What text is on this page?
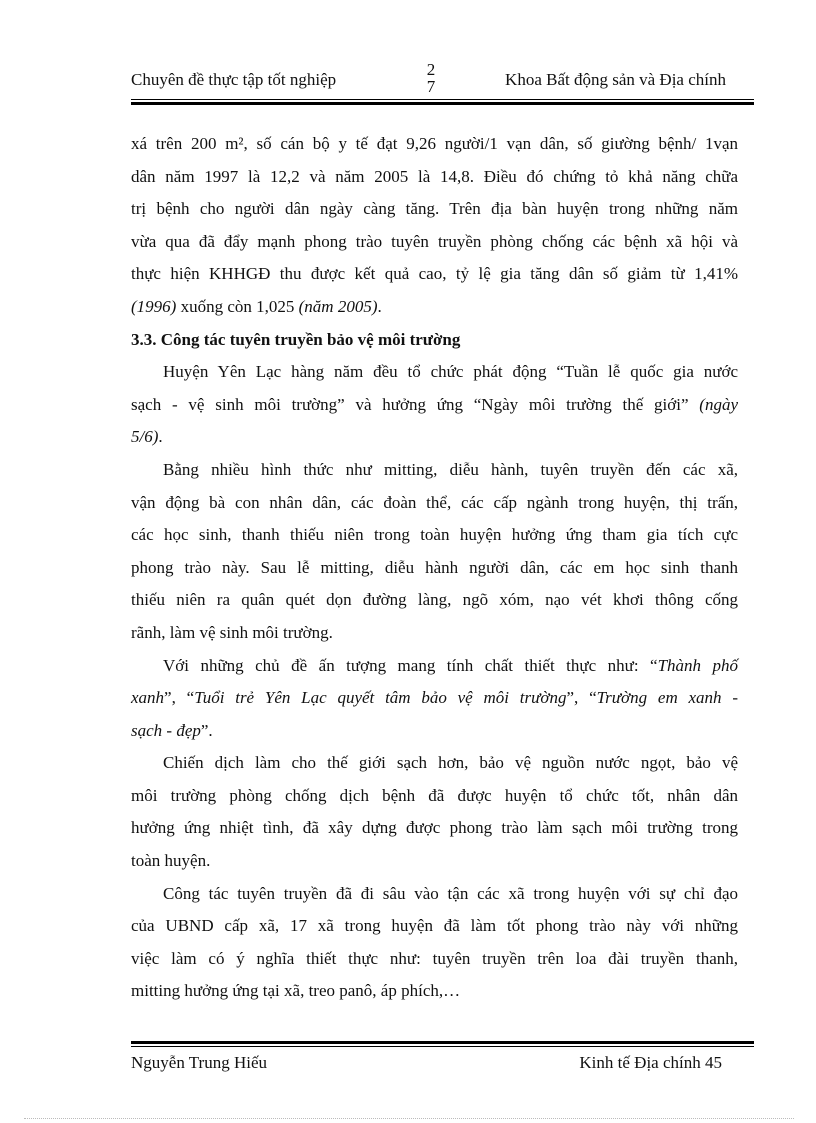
Chuyên đề thực tập tốt nghiệp
2
7	Khoa Bất động sản và Địa chính
xá trên 200 m², số cán bộ y tế đạt 9,26 người/1 vạn dân, số giường bệnh/ 1vạn
dân năm 1997 là 12,2 và năm 2005 là 14,8. Điều đó chứng tỏ khả năng chữa
trị bệnh cho người dân ngày càng tăng. Trên địa bàn huyện trong những năm
vừa qua đã đẩy mạnh phong trào tuyên truyền phòng chống các bệnh xã hội và
thực hiện KHHGĐ thu được kết quả cao, tỷ lệ gia tăng dân số giảm từ 1,41%
(1996) xuống còn 1,025 (năm 2005).
3.3. Công tác tuyên truyền bảo vệ môi trường
Huyện Yên Lạc hàng năm đều tổ chức phát động “Tuần lễ quốc gia nước
sạch - vệ sinh môi trường” và hưởng ứng “Ngày môi trường thế giới” (ngày
5/6).
Bằng nhiều hình thức như mitting, diễu hành, tuyên truyền đến các xã,
vận động bà con nhân dân, các đoàn thể, các cấp ngành trong huyện, thị trấn,
các học sinh, thanh thiếu niên trong toàn huyện hưởng ứng tham gia tích cực
phong trào này. Sau lễ mitting, diễu hành người dân, các em học sinh thanh
thiếu niên ra quân quét dọn đường làng, ngõ xóm, nạo vét khơi thông cống
rãnh, làm vệ sinh môi trường.
Với những chủ đề ấn tượng mang tính chất thiết thực như: “Thành phố
xanh”, “Tuổi trẻ Yên Lạc quyết tâm bảo vệ môi trường”, “Trường em xanh -
sạch - đẹp”.
Chiến dịch làm cho thế giới sạch hơn, bảo vệ nguồn nước ngọt, bảo vệ
môi trường phòng chống dịch bệnh đã được huyện tổ chức tốt, nhân dân
hưởng ứng nhiệt tình, đã xây dựng được phong trào làm sạch môi trường trong
toàn huyện.
Công tác tuyên truyền đã đi sâu vào tận các xã trong huyện với sự chỉ đạo
của UBND cấp xã, 17 xã trong huyện đã làm tốt phong trào này với những
việc làm có ý nghĩa thiết thực như: tuyên truyền trên loa đài truyền thanh,
mitting hưởng ứng tại xã, treo panô, áp phích,…
Nguyễn Trung Hiếu	Kinh tế Địa chính 45
